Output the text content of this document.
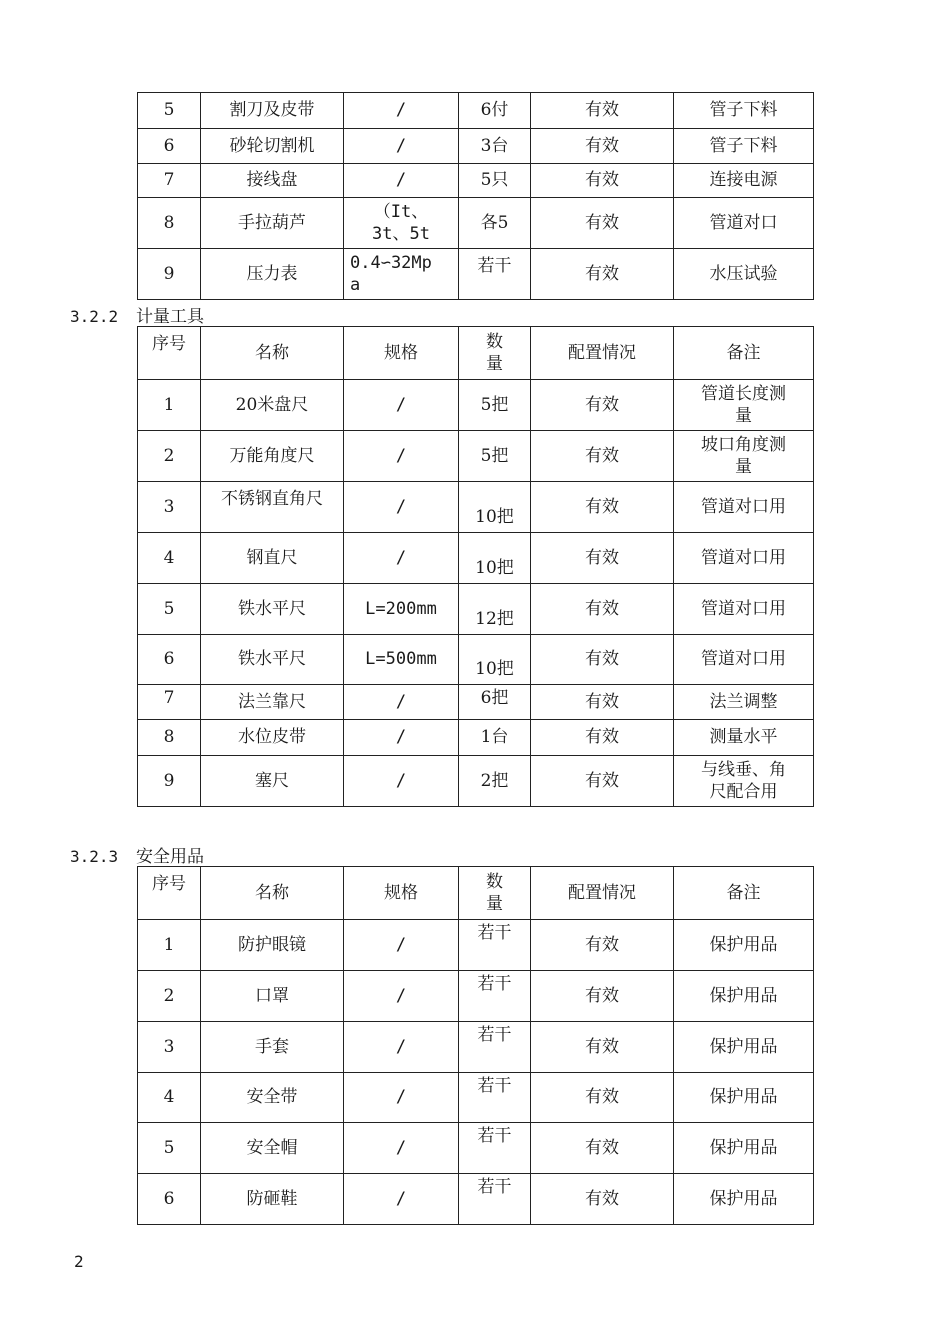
5	割刀及皮带	/	6付	有效	管子下料
6	砂轮切割机	/	3台	有效	管子下料
7	接线盘	/	5只	有效	连接电源
8	手拉葫芦	（It、3t、5t	各5	有效	管道对口
9	压力表	0.4∽32Mpa	若干	有效	水压试验
3.2.2 计量工具
序号	名称	规格	数量	配置情况	备注
1	20米盘尺	/	5把	有效	管道长度测量
2	万能角度尺	/	5把	有效	坡口角度测量
3	不锈钢直角尺	/	10把	有效	管道对口用
4	钢直尺	/	10把	有效	管道对口用
5	铁水平尺	L=200mm	12把	有效	管道对口用
6	铁水平尺	L=500mm	10把	有效	管道对口用
7	法兰靠尺	/	6把	有效	法兰调整
8	水位皮带	/	1台	有效	测量水平
9	塞尺	/	2把	有效	与线垂、角尺配合用
3.2.3 安全用品
序号	名称	规格	数量	配置情况	备注
1	防护眼镜	/	若干	有效	保护用品
2	口罩	/	若干	有效	保护用品
3	手套	/	若干	有效	保护用品
4	安全带	/	若干	有效	保护用品
5	安全帽	/	若干	有效	保护用品
6	防砸鞋	/	若干	有效	保护用品
2
